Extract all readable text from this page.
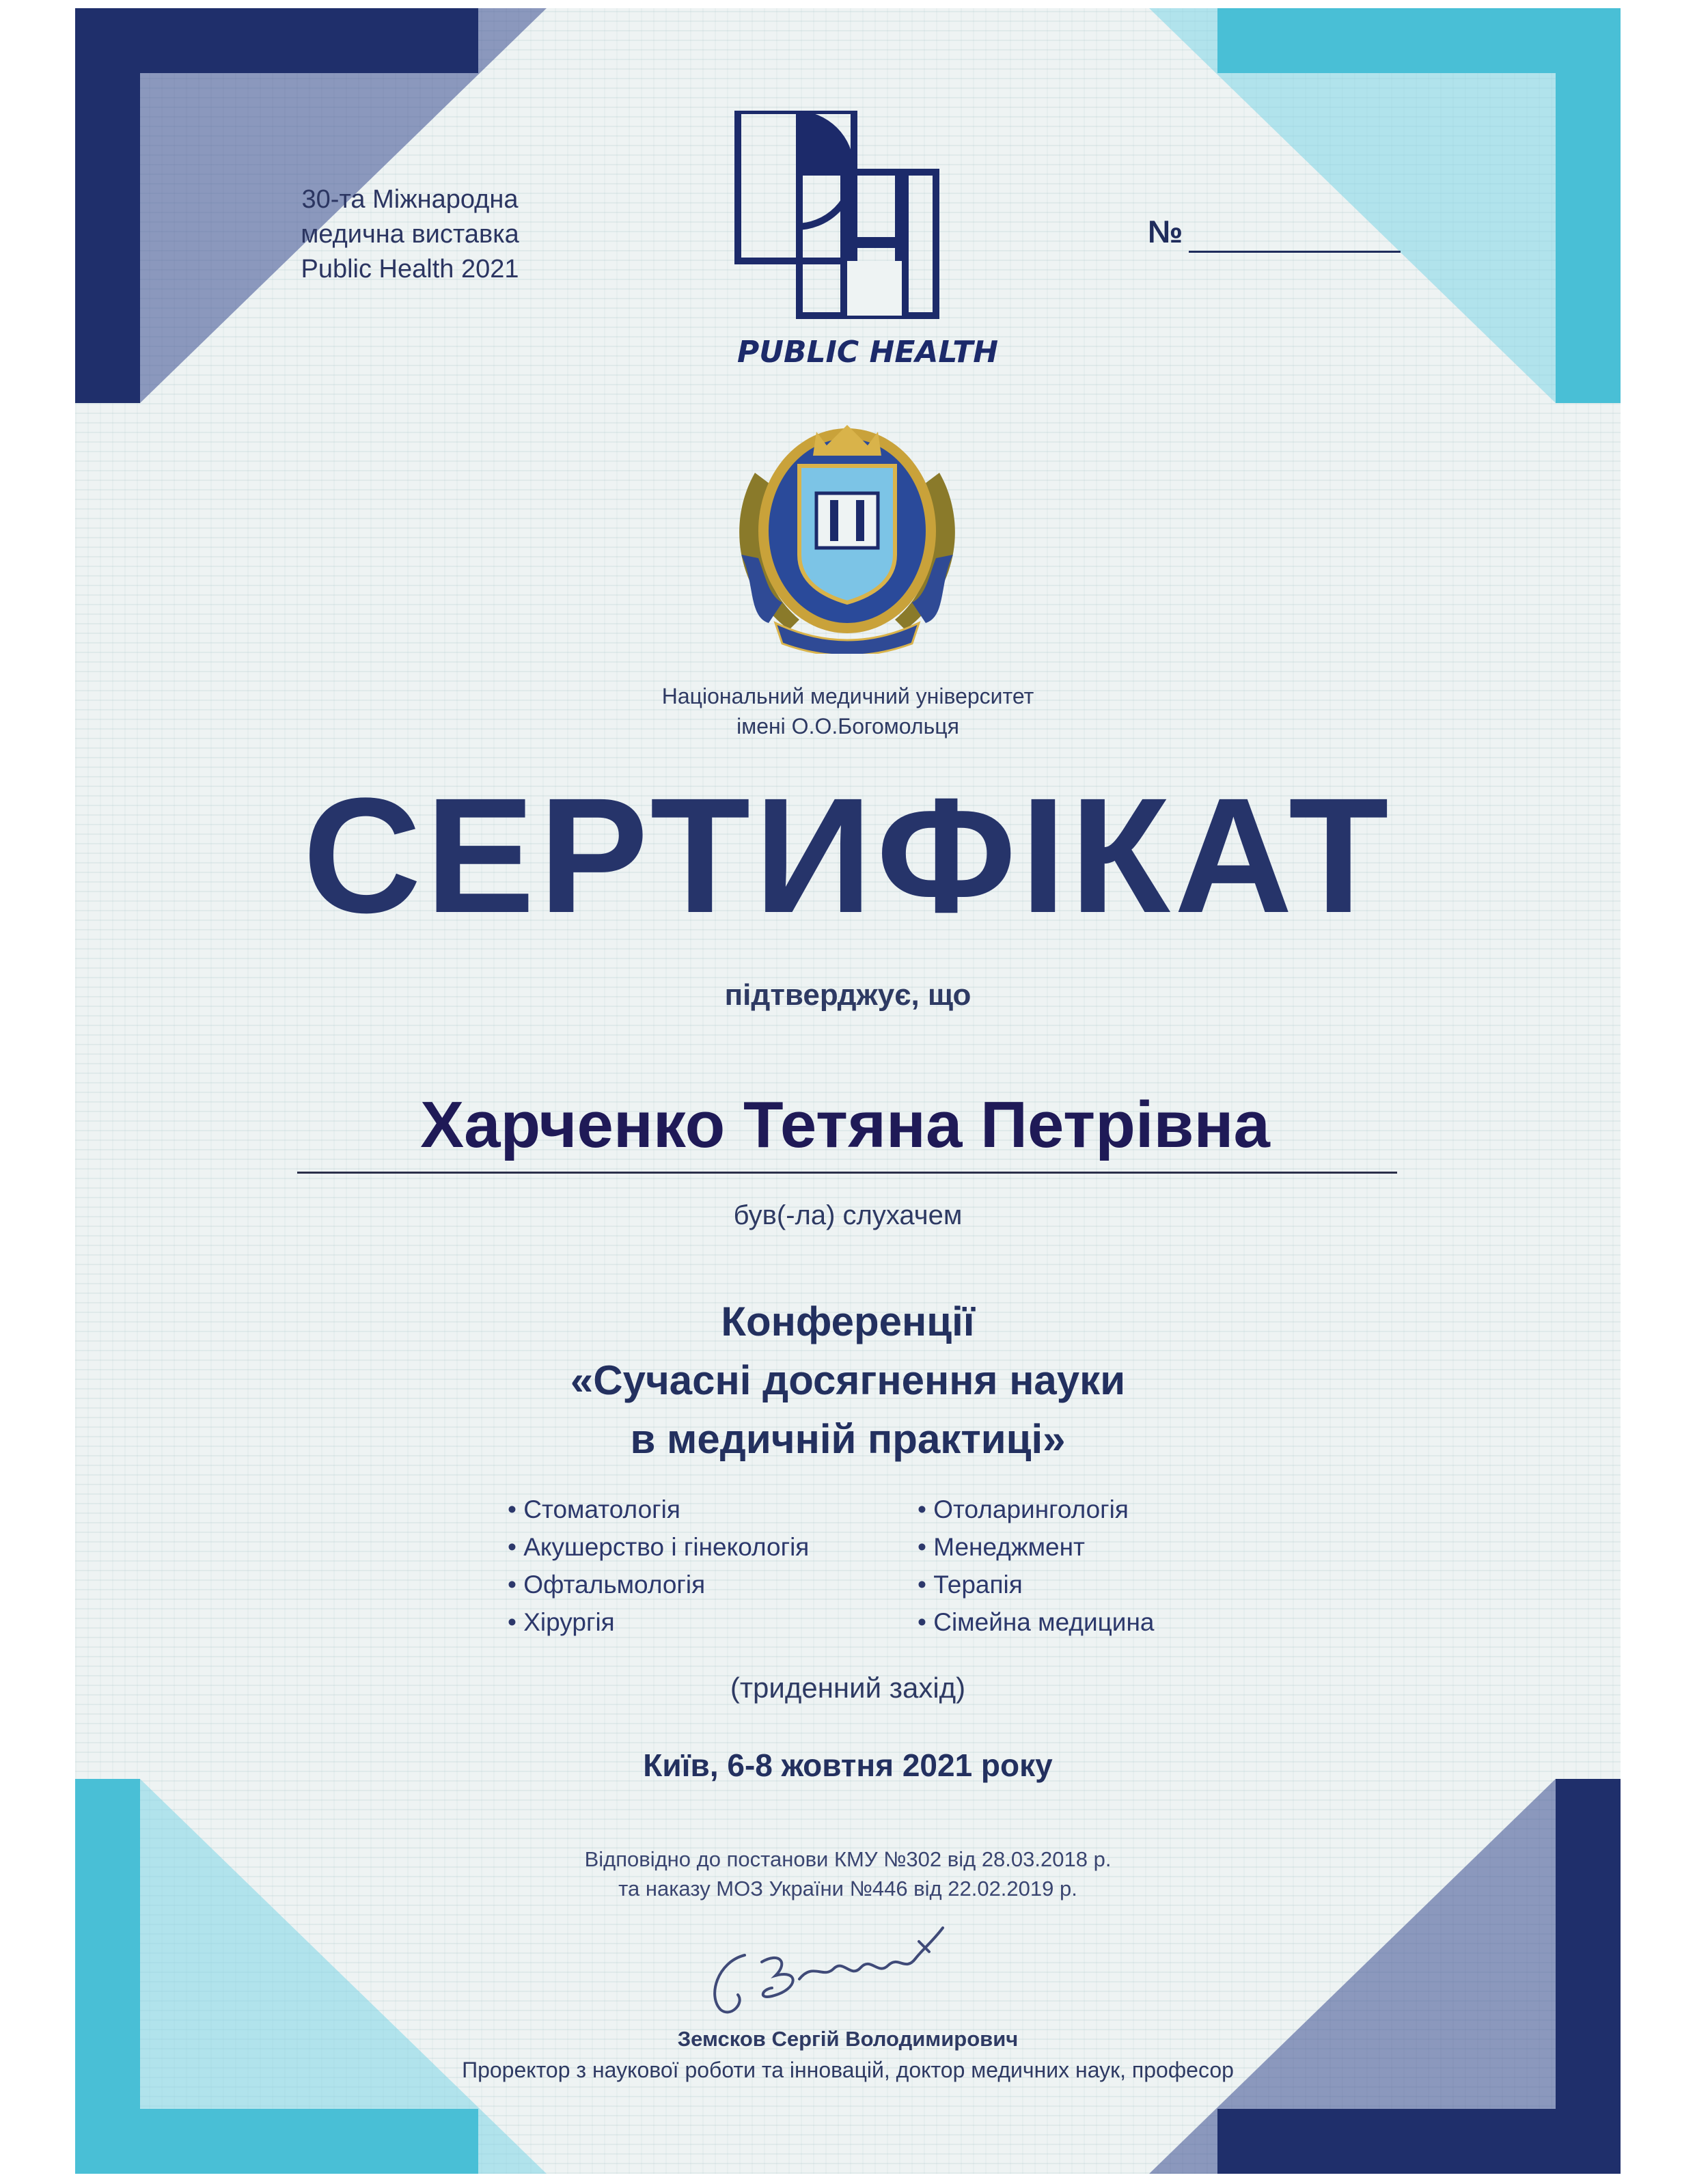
30-та Міжнародна
медична виставка
Public Health 2021
PUBLIC HEALTH
№
Національний медичний університет
імені О.О.Богомольця
СЕРТИФІКАТ
підтверджує, що
Харченко Тетяна Петрівна
був(-ла) слухачем
Конференції
«Сучасні досягнення науки
в медичній практиці»
• Стоматологія
• Акушерство і гінекологія
• Офтальмологія
• Хірургія
• Отоларингологія
• Менеджмент
• Терапія
• Сімейна медицина
(триденний захід)
Київ, 6-8 жовтня 2021 року
Відповідно до постанови КМУ №302 від 28.03.2018 р.
та наказу МОЗ України №446 від 22.02.2019 р.
Земсков Сергій Володимирович
Проректор з наукової роботи та інновацій, доктор медичних наук, професор
